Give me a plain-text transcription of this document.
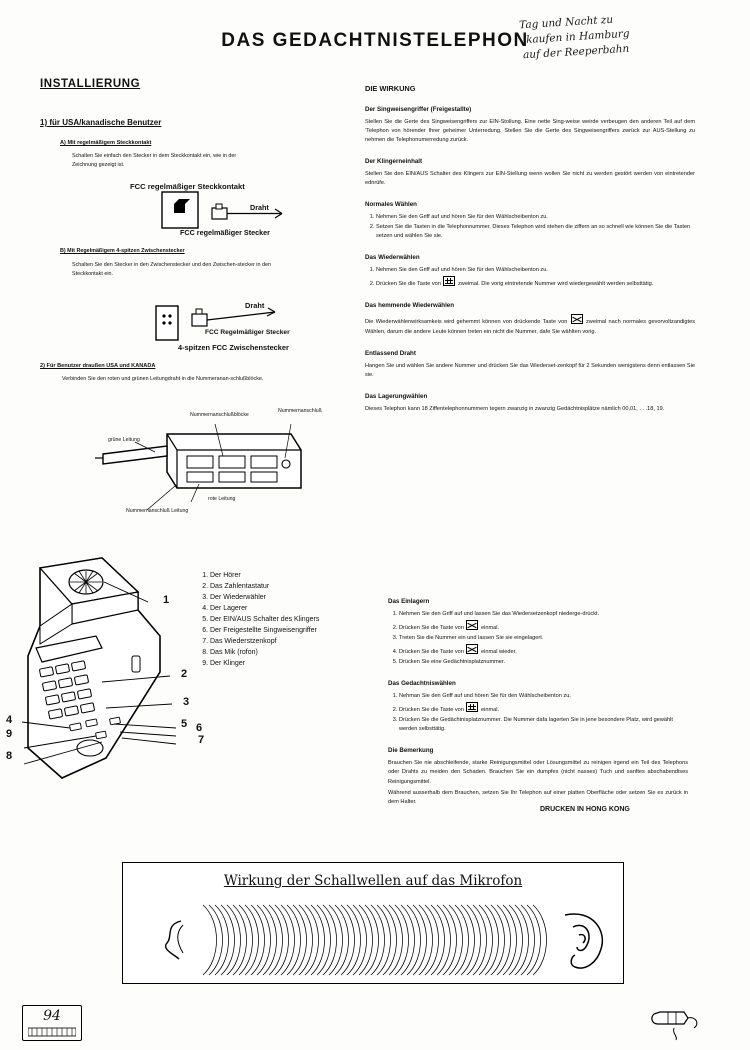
DAS GEDACHTNISTELEPHON
Tag und Nacht zu
kaufen in Hamburg
auf der Reeperbahn
INSTALLIERUNG
1) für USA/kanadische Benutzer
A) Mit regelmäßigem Steckkontakt
Schalten Sie einfach den Stecker in dem Steckkontakt ein, wie in der Zeichnung gezeigt ist.
FCC regelmäßiger Steckkontakt
Draht
FCC regelmäßiger Stecker
B) Mit Regelmäßigem 4-spitzen Zwischenstecker
Schalten Sie den Stecker in den Zwischenstecker und den Zwischen-stecker in den Steckkontakt ein.
Draht
FCC Regelmäßiger Stecker
4-spitzen FCC Zwischenstecker
2) Für Benutzer draußen USA und KANADA
Verbinden Sie den roten und grünen Leitungdraht in die Nummeranan-schlußblöcke.
Nummernanschlußblöcke
Nummernanschluß
grüne Leitung
rote Leitung
Nummernanschluß Leitung
DIE WIRKUNG
Der Singweisengriffer (Freigestallte)

Stellen Sie die Gerte des Singweisengriffers zur EIN-Stollung. Eine nette Sing-weise weirde verbeugen den anderen Teil auf dem 'Telephon von hörender Ihrer geheimer Unterredung. Stellen Sie die Gerte des Singweisengriffers zwrück zur AUS-Stellung zu nehmen die Telephonumerredung zurück.

Der Klingerneinhalt

Stellen Sie den EIN/AUS Schalter des Klingers zur EIN-Stellung wenn wollen Sie nicht zu werden gestört werden von eintretender ednrüfe.

Normales Wählen
1. Nehmen Sie den Griff auf und hören Sie für den Wählscheibenton zu.
2. Setzen Sie die Tasten in die Telephonnummer. Dieses Telephon wird stehen die ziffern an so schnell wie können Sie die Tasten setzen und wählen Sie sie.
Das Wiederwählen
1. Nehmen Sie den Griff auf und hören Sie für den Wählscheibenton zu.
2. Drücken Sie die Taste von	zweimal. Die vorig eintretende Nummer wird wiedergewählt werden selbsttätig.
Das hemmende Wiederwählen

Die Wiederwählenwirksamkeis wird gehemmt können von drückende Taste von	zweimal nach normales gevorvoltzandigtes Wählen, darum die andere Leute können treten ein nicht die Nummer, dafe Sie wählten vorig.

Entlassend Draht

Hangen Sie und wählen Sie andere Nummer und drücken Sie das Wiederset-zenkopf für 2 Sekunden wenigstens denn entlassen Sie sie.

Das Lagerungwählen

Dieses Telephon kann 18 Ziffentelephonnummern tegern zwanzig in zwanzig Gedächtnisplätze nämlich 00,01, . . .18, 19.

1
2
3
4	5 6
7
8
9
1. Der Hörer
2. Das Zahlentastatur
3. Der Wiederwähler
4. Der Lagerer
5. Der EIN/AUS Schalter des Klingers
6. Der Freigestellte Singweisengriffer
7. Das Wiederstzenkopf
8. Das Mik (rofon)
9. Der Klinger
Das Einlagern
1. Nehmen Sie den Griff auf und lassen Sie das Wiedersetzenkopf niederge-drückt.
2. Drücken Sie die Taste von	einmal.
3. Treten Sie die Nummer ein und lassen Sie sie eingelagert.
4. Drücken Sie die Taste von	einmal wieder.
5. Drücken Sie eine Gedächtnisplatznummer.
Das Gedachtniswählen
1. Nehman Sie den Griff auf und hören Sie für den Wählscheibenton zu.
2. Drücken Sie die Taste von	einmal.
3. Drücken Sie die Gedächtnisplatznummer. Die Nummer dafa lagerten Sie in jene besondere Platz, wird gewählt werden selbsttätig.
Die Bemerkung

Brauchen Sie nie abschleifende, starke Reinigungsmittel oder Lösungsmittel zu reinigen irgend ein Teil des Telephons oder Drahts zu meiden den Schaden. Brauchen Sie ein dumpfes (nicht nasses) Tuch und sanftes abschabendises Reinigungsmittel.

Während ausserhalb dem Brauchen, setzen Sie Ihr Telephon auf einer platten Oberfläche oder setzen Sie es zurück in dem Halter.

DRUCKEN IN HONG KONG
Wirkung der Schallwellen auf das Mikrofon
94
